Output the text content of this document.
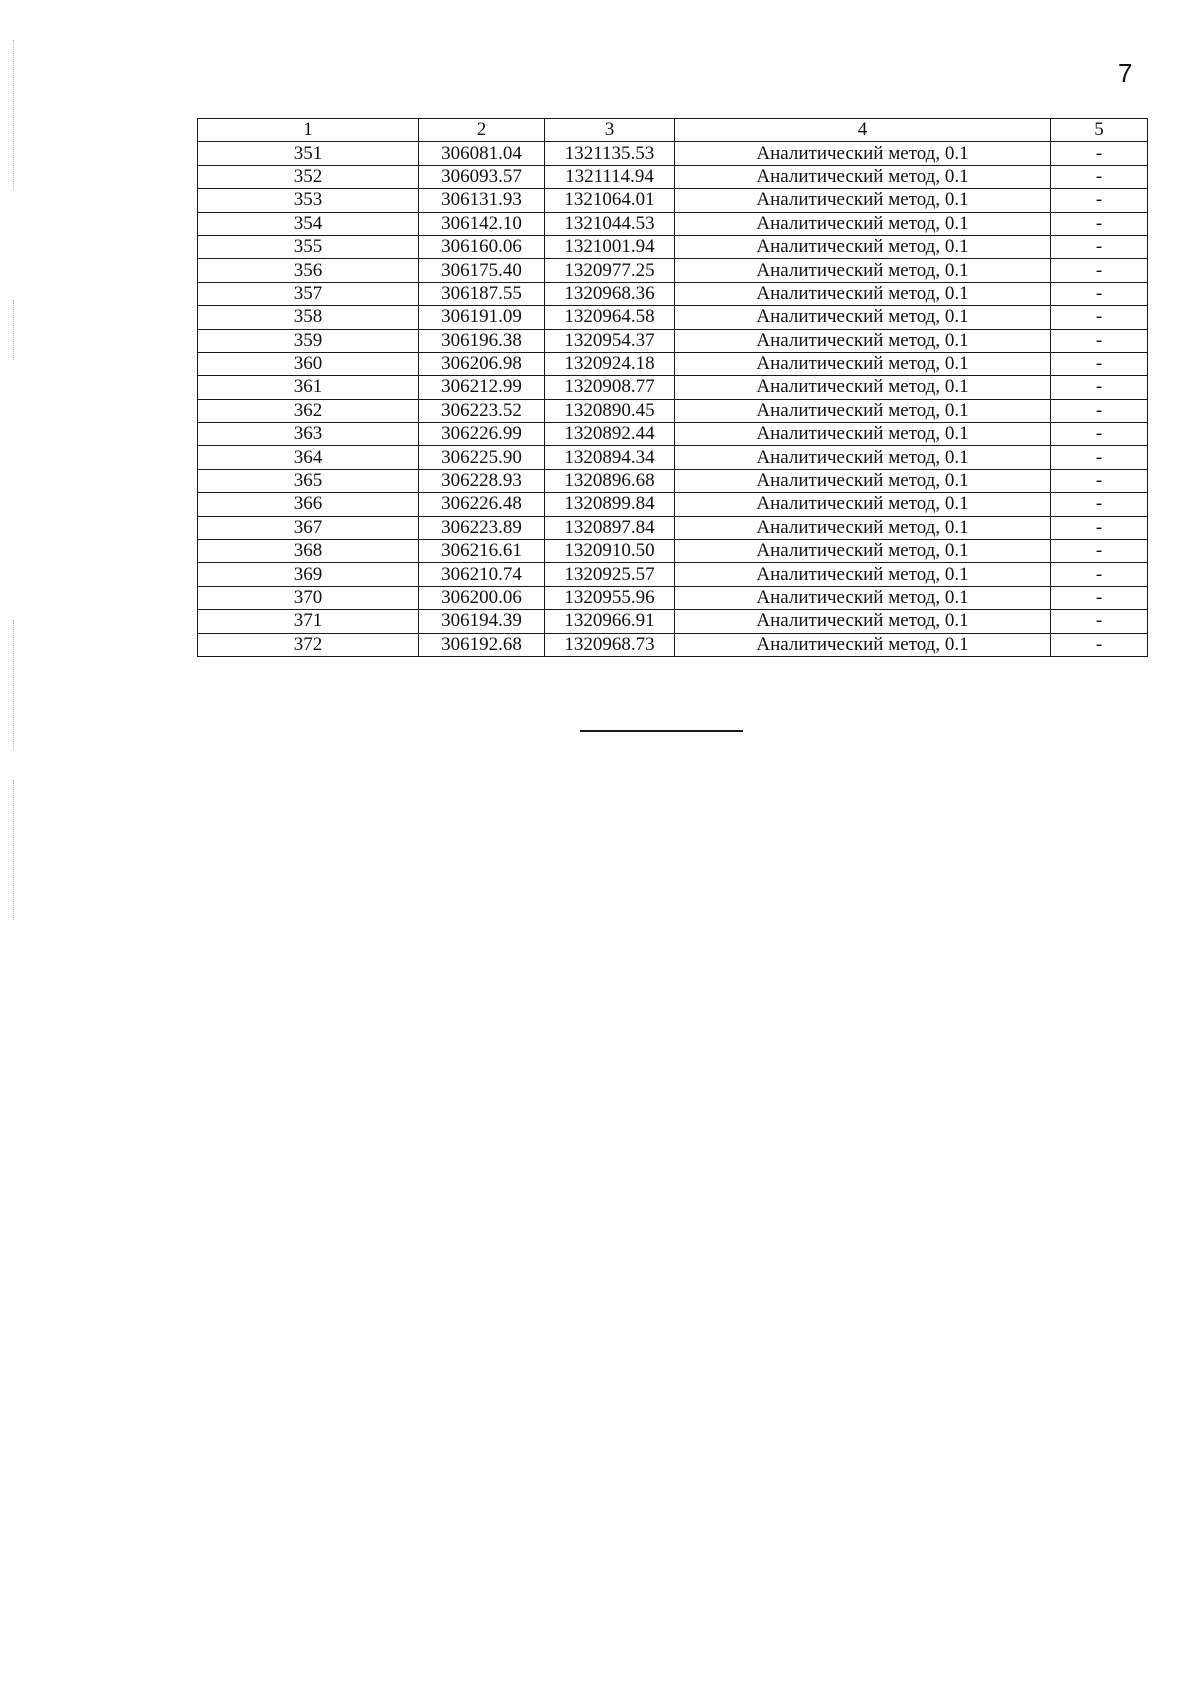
7
1	2	3	4	5
351	306081.04	1321135.53	Аналитический метод, 0.1	-
352	306093.57	1321114.94	Аналитический метод, 0.1	-
353	306131.93	1321064.01	Аналитический метод, 0.1	-
354	306142.10	1321044.53	Аналитический метод, 0.1	-
355	306160.06	1321001.94	Аналитический метод, 0.1	-
356	306175.40	1320977.25	Аналитический метод, 0.1	-
357	306187.55	1320968.36	Аналитический метод, 0.1	-
358	306191.09	1320964.58	Аналитический метод, 0.1	-
359	306196.38	1320954.37	Аналитический метод, 0.1	-
360	306206.98	1320924.18	Аналитический метод, 0.1	-
361	306212.99	1320908.77	Аналитический метод, 0.1	-
362	306223.52	1320890.45	Аналитический метод, 0.1	-
363	306226.99	1320892.44	Аналитический метод, 0.1	-
364	306225.90	1320894.34	Аналитический метод, 0.1	-
365	306228.93	1320896.68	Аналитический метод, 0.1	-
366	306226.48	1320899.84	Аналитический метод, 0.1	-
367	306223.89	1320897.84	Аналитический метод, 0.1	-
368	306216.61	1320910.50	Аналитический метод, 0.1	-
369	306210.74	1320925.57	Аналитический метод, 0.1	-
370	306200.06	1320955.96	Аналитический метод, 0.1	-
371	306194.39	1320966.91	Аналитический метод, 0.1	-
372	306192.68	1320968.73	Аналитический метод, 0.1	-
